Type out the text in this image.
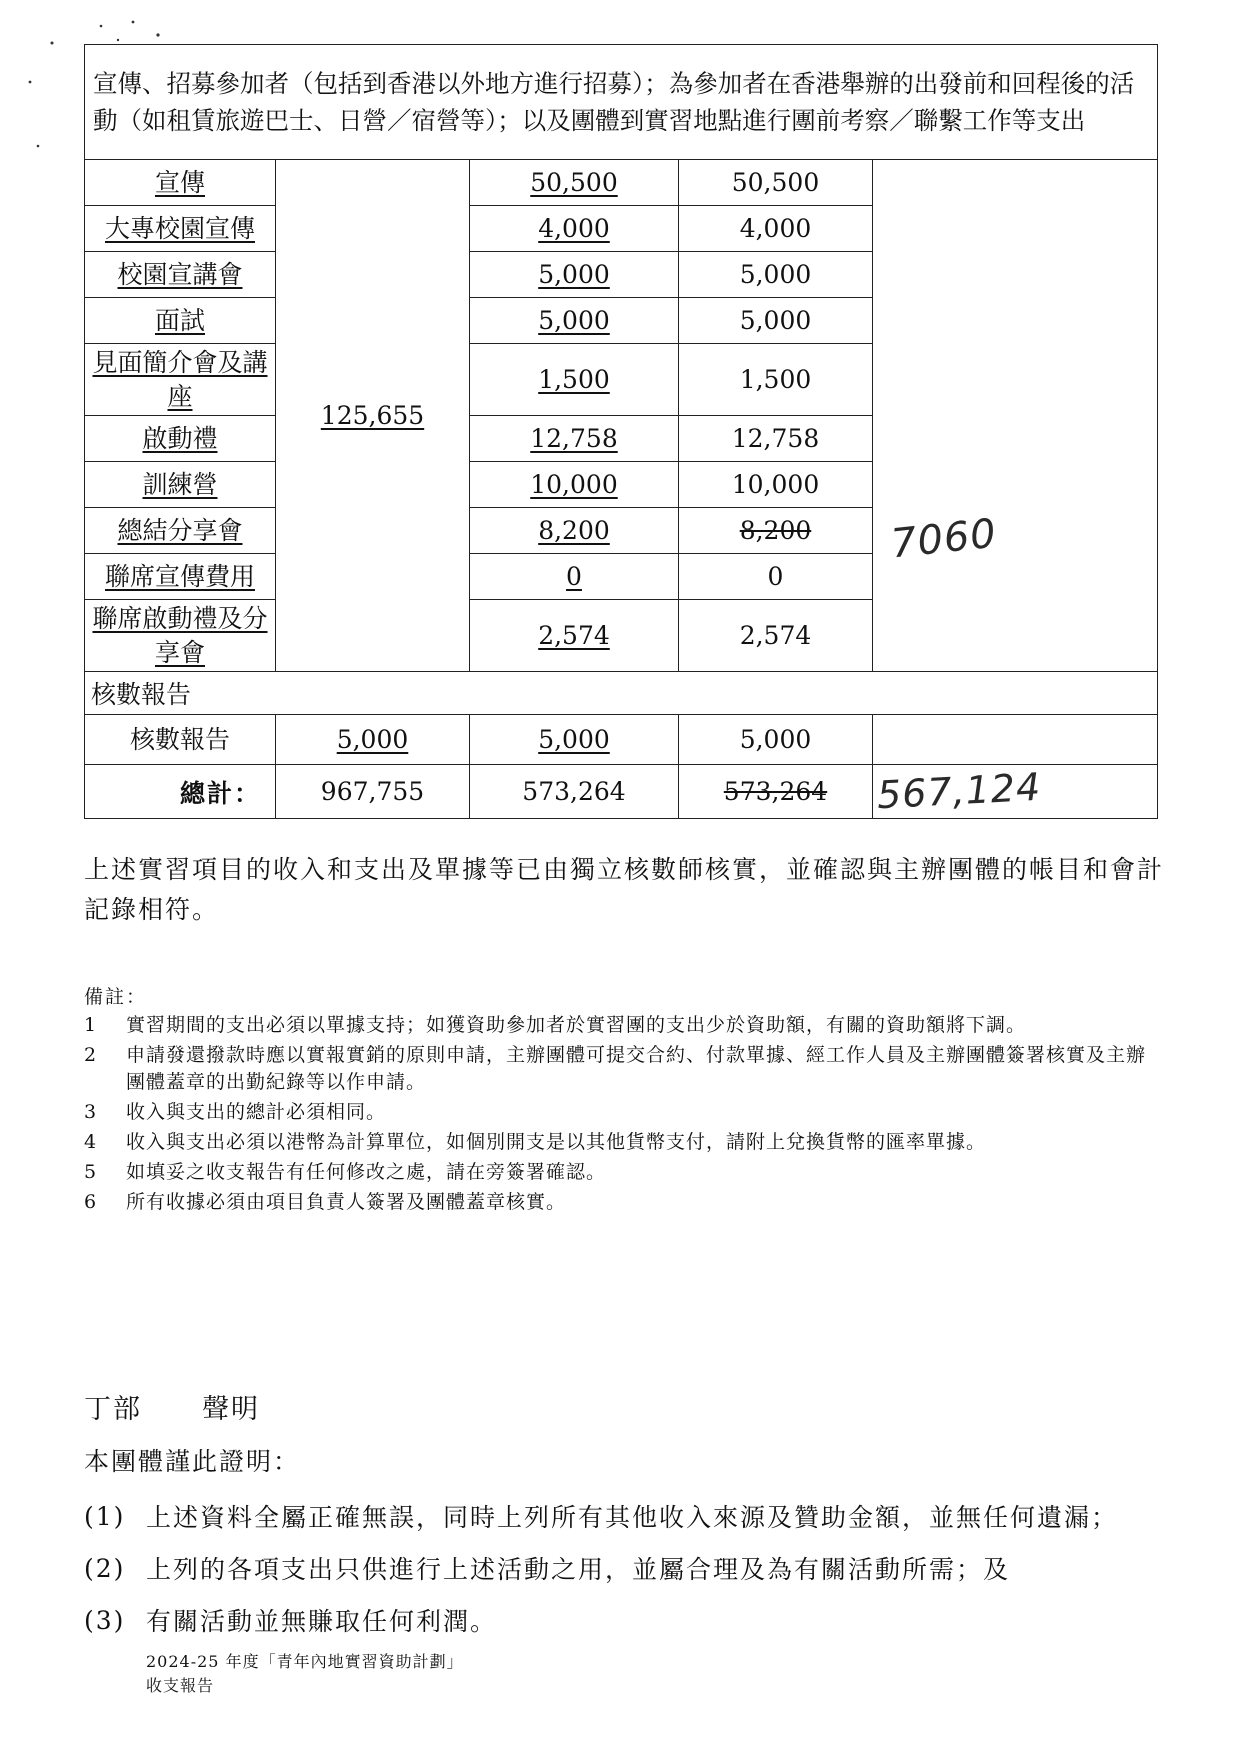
宣傳、招募參加者（包括到香港以外地方進行招募）；為參加者在香港舉辦的出發前和回程後的活動（如租賃旅遊巴士、日營／宿營等）；以及團體到實習地點進行團前考察／聯繫工作等支出				
宣傳	125,655	50,500	50,500	7060

大專校園宣傳		4,000	4,000	
校園宣講會		5,000	5,000	
面試		5,000	5,000	
見面簡介會及講座		1,500	1,500	
啟動禮		12,758	12,758	
訓練營		10,000	10,000	
總結分享會		8,200	8,200	
聯席宣傳費用		0	0	
聯席啟動禮及分享會		2,574	2,574	
核數報告				
核數報告	5,000	5,000	5,000	
總計：	967,755	573,264	573,264	567,124
上述實習項目的收入和支出及單據等已由獨立核數師核實，並確認與主辦團體的帳目和會計記錄相符。
備註：
1	實習期間的支出必須以單據支持；如獲資助參加者於實習團的支出少於資助額，有關的資助額將下調。
2	申請發還撥款時應以實報實銷的原則申請，主辦團體可提交合約、付款單據、經工作人員及主辦團體簽署核實及主辦團體蓋章的出勤紀錄等以作申請。
3	收入與支出的總計必須相同。
4	收入與支出必須以港幣為計算單位，如個別開支是以其他貨幣支付，請附上兌換貨幣的匯率單據。
5	如填妥之收支報告有任何修改之處，請在旁簽署確認。
6	所有收據必須由項目負責人簽署及團體蓋章核實。
丁部 聲明
本團體謹此證明：
(1) 上述資料全屬正確無誤，同時上列所有其他收入來源及贊助金額，並無任何遺漏；
(2) 上列的各項支出只供進行上述活動之用，並屬合理及為有關活動所需；及
(3) 有關活動並無賺取任何利潤。
2024-25 年度「青年內地實習資助計劃」
收支報告
